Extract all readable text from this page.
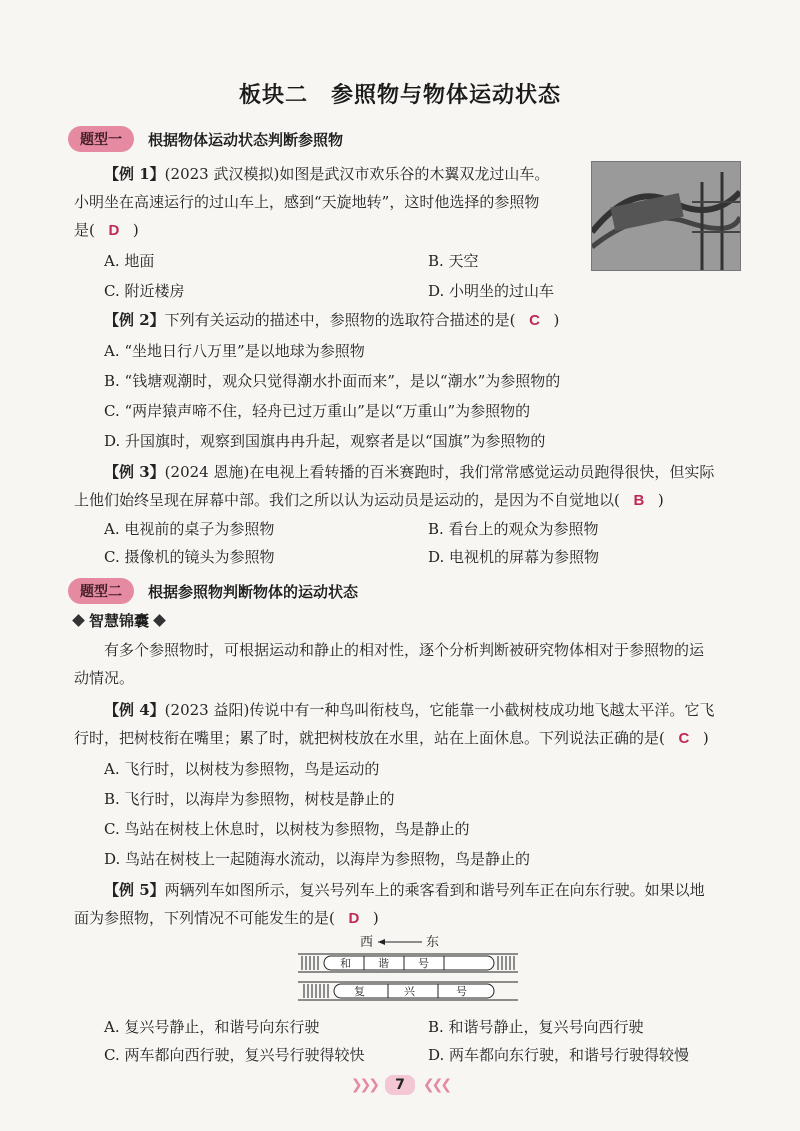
板块二　参照物与物体运动状态
题型一	根据物体运动状态判断参照物
【例 1】(2023 武汉模拟)如图是武汉市欢乐谷的木翼双龙过山车。
小明坐在高速运行的过山车上，感到“天旋地转”，这时他选择的参照物
是( D )
A. 地面	B. 天空
C. 附近楼房	D. 小明坐的过山车
【例 2】下列有关运动的描述中，参照物的选取符合描述的是( C )
A. “坐地日行八万里”是以地球为参照物
B. “钱塘观潮时，观众只觉得潮水扑面而来”，是以“潮水”为参照物的
C. “两岸猿声啼不住，轻舟已过万重山”是以“万重山”为参照物的
D. 升国旗时，观察到国旗冉冉升起，观察者是以“国旗”为参照物的
【例 3】(2024 恩施)在电视上看转播的百米赛跑时，我们常常感觉运动员跑得很快，但实际
上他们始终呈现在屏幕中部。我们之所以认为运动员是运动的，是因为不自觉地以( B )
A. 电视前的桌子为参照物	B. 看台上的观众为参照物
C. 摄像机的镜头为参照物	D. 电视机的屏幕为参照物
题型二	根据参照物判断物体的运动状态
智慧锦囊
有多个参照物时，可根据运动和静止的相对性，逐个分析判断被研究物体相对于参照物的运
动情况。
【例 4】(2023 益阳)传说中有一种鸟叫衔枝鸟，它能靠一小截树枝成功地飞越太平洋。它飞
行时，把树枝衔在嘴里；累了时，就把树枝放在水里，站在上面休息。下列说法正确的是( C )
A. 飞行时，以树枝为参照物，鸟是运动的
B. 飞行时，以海岸为参照物，树枝是静止的
C. 鸟站在树枝上休息时，以树枝为参照物，鸟是静止的
D. 鸟站在树枝上一起随海水流动，以海岸为参照物，鸟是静止的
【例 5】两辆列车如图所示，复兴号列车上的乘客看到和谐号列车正在向东行驶。如果以地
面为参照物，下列情况不可能发生的是( D )
西	东
和 谐	号
复	兴	号
A. 复兴号静止，和谐号向东行驶	B. 和谐号静止，复兴号向西行驶
C. 两车都向西行驶，复兴号行驶得较快	D. 两车都向东行驶，和谐号行驶得较慢
❯❯❯	7	❮❮❮
